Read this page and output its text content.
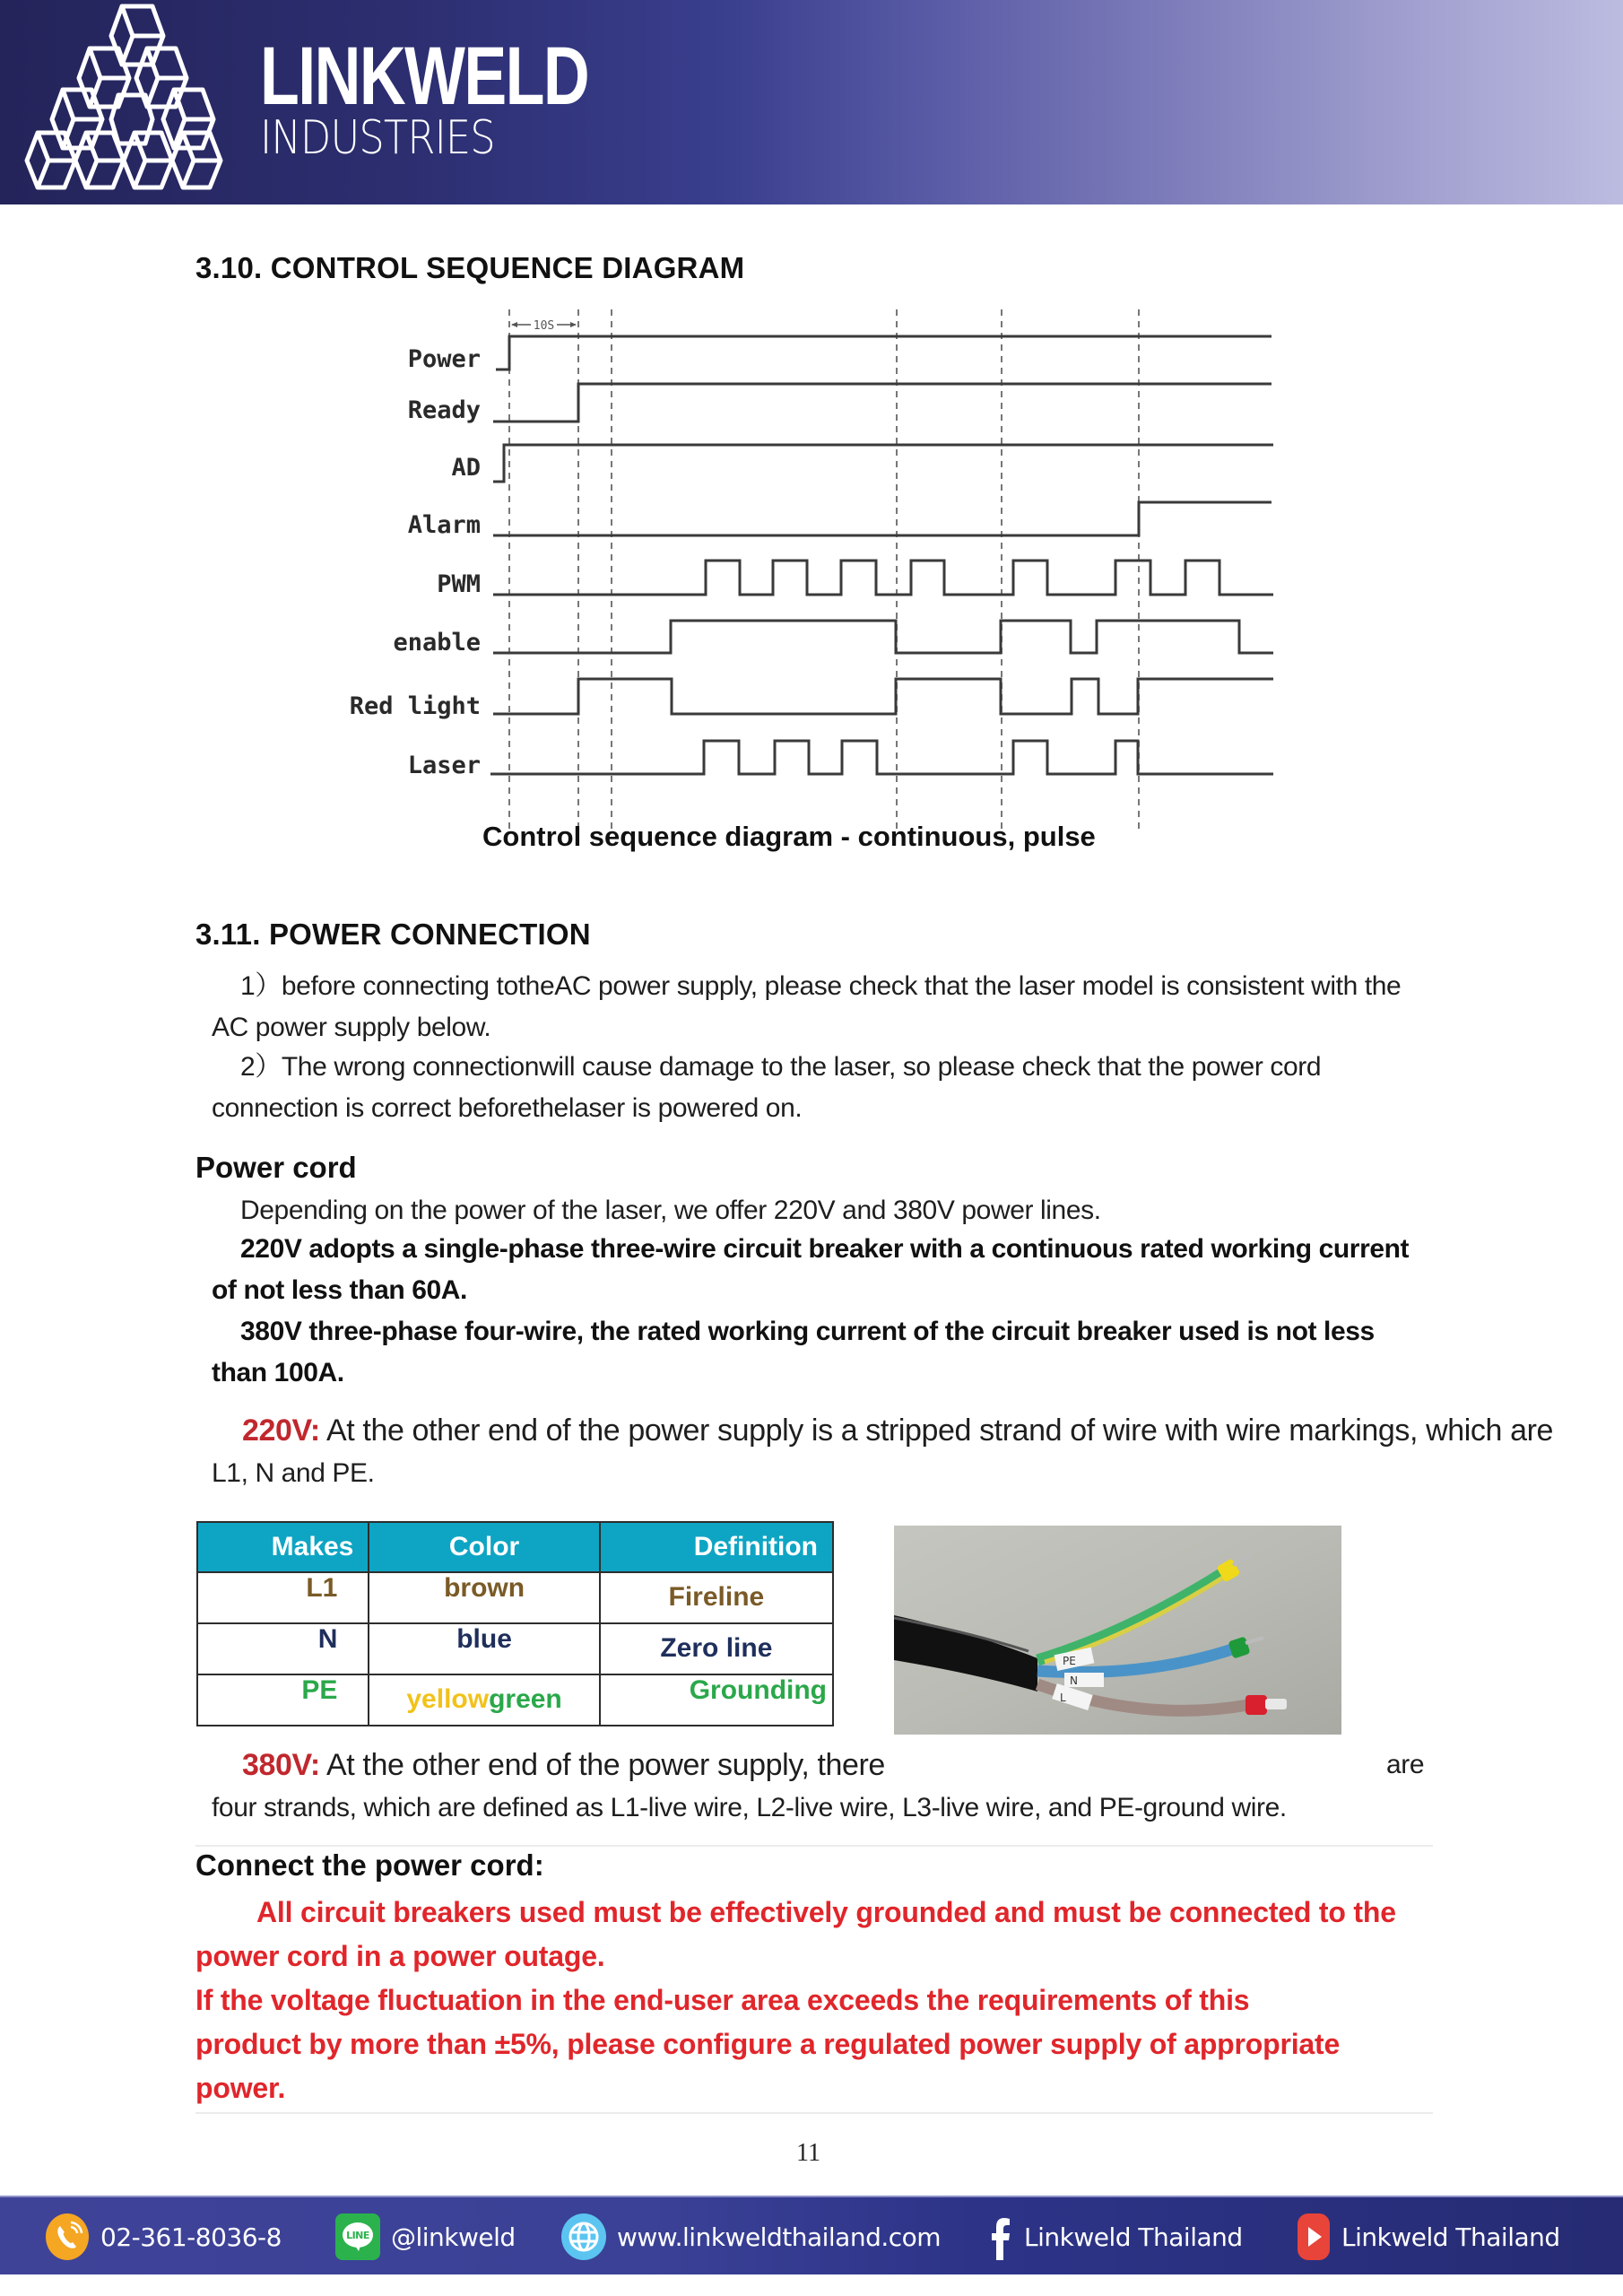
LINKWELD
INDUSTRIES
3.10. CONTROL SEQUENCE DIAGRAM
10S
Power
Ready
AD
Alarm
PWM
enable
Red light
Laser
Control sequence diagram - continuous, pulse
3.11. POWER CONNECTION
1）before connecting totheAC power supply, please check that the laser model is consistent with the
AC power supply below.
2）The wrong connectionwill cause damage to the laser, so please check that the power cord
connection is correct beforethelaser is powered on.
Power cord
Depending on the power of the laser, we offer 220V and 380V power lines.
220V adopts a single-phase three-wire circuit breaker with a continuous rated working current
of not less than 60A.
380V three-phase four-wire, the rated working current of the circuit breaker used is not less
than 100A.
220V: At the other end of the power supply is a stripped strand of wire with wire markings, which are
L1, N and PE.
Makes	Color	Definition
L1	brown	Fireline
N	blue	Zero line
PE	yellowgreen	Grounding
PE
N
L
380V: At the other end of the power supply, there	are
four strands, which are defined as L1-live wire, L2-live wire, L3-live wire, and PE-ground wire.
Connect the power cord:
All circuit breakers used must be effectively grounded and must be connected to the
power cord in a power outage.
If the voltage fluctuation in the end-user area exceeds the requirements of this
product by more than ±5%, please configure a regulated power supply of appropriate
power.
11
02-361-8036-8	LINE @linkweld	www.linkweldthailand.com	Linkweld Thailand	Linkweld Thailand
